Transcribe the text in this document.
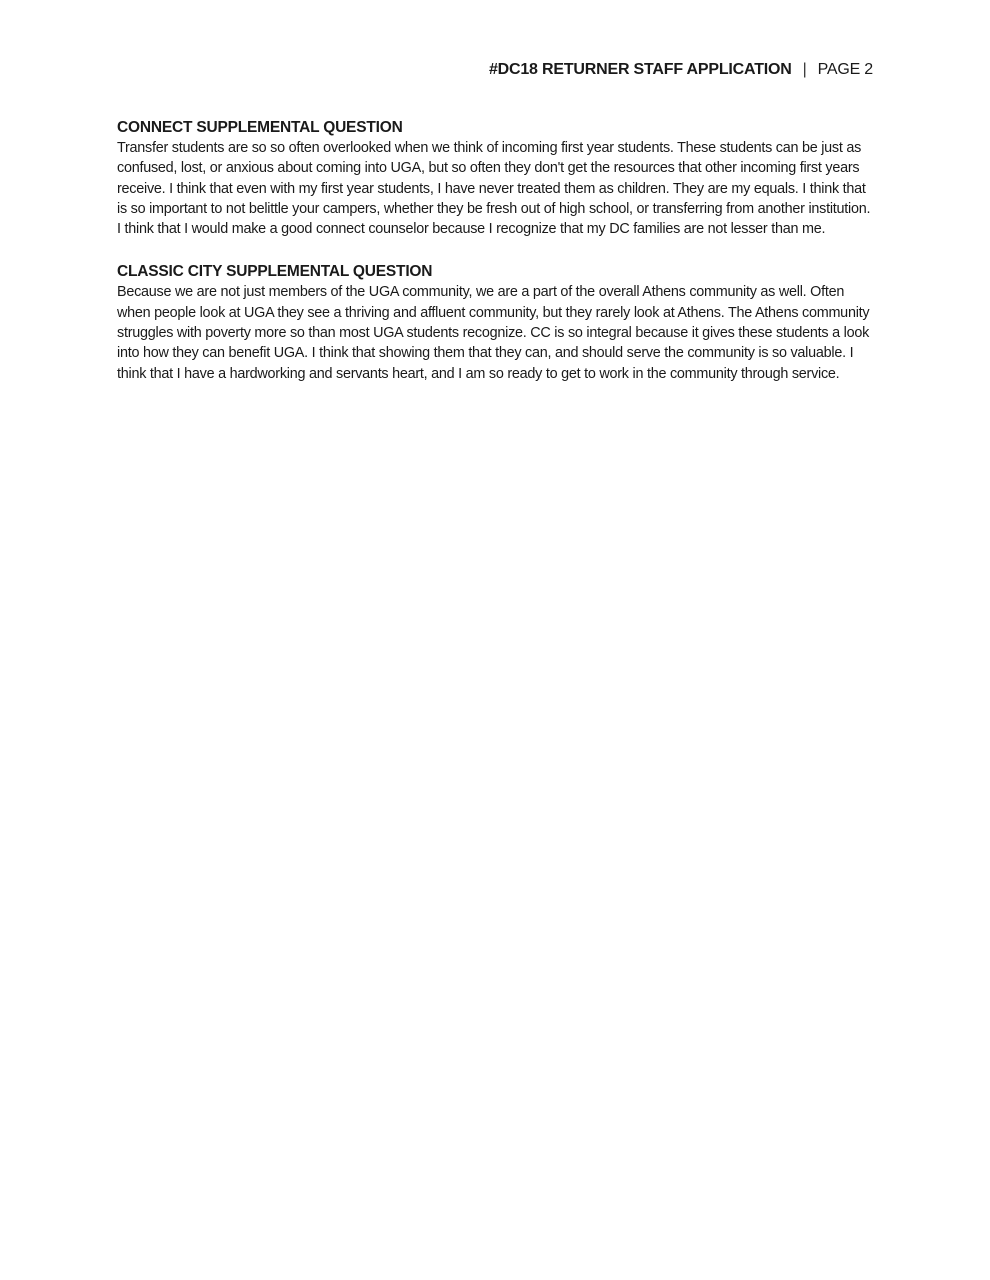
#DC18 RETURNER STAFF APPLICATION | PAGE 2
CONNECT SUPPLEMENTAL QUESTION

Transfer students are so so often overlooked when we think of incoming first year students. These students can be just as confused, lost, or anxious about coming into UGA, but so often they don't get the resources that other incoming first years receive. I think that even with my first year students, I have never treated them as children. They are my equals. I think that is so important to not belittle your campers, whether they be fresh out of high school, or transferring from another institution. I think that I would make a good connect counselor because I recognize that my DC families are not lesser than me.

CLASSIC CITY SUPPLEMENTAL QUESTION

Because we are not just members of the UGA community, we are a part of the overall Athens community as well. Often when people look at UGA they see a thriving and affluent community, but they rarely look at Athens. The Athens community struggles with poverty more so than most UGA students recognize. CC is so integral because it gives these students a look into how they can benefit UGA. I think that showing them that they can, and should serve the community is so valuable. I think that I have a hardworking and servants heart, and I am so ready to get to work in the community through service.
